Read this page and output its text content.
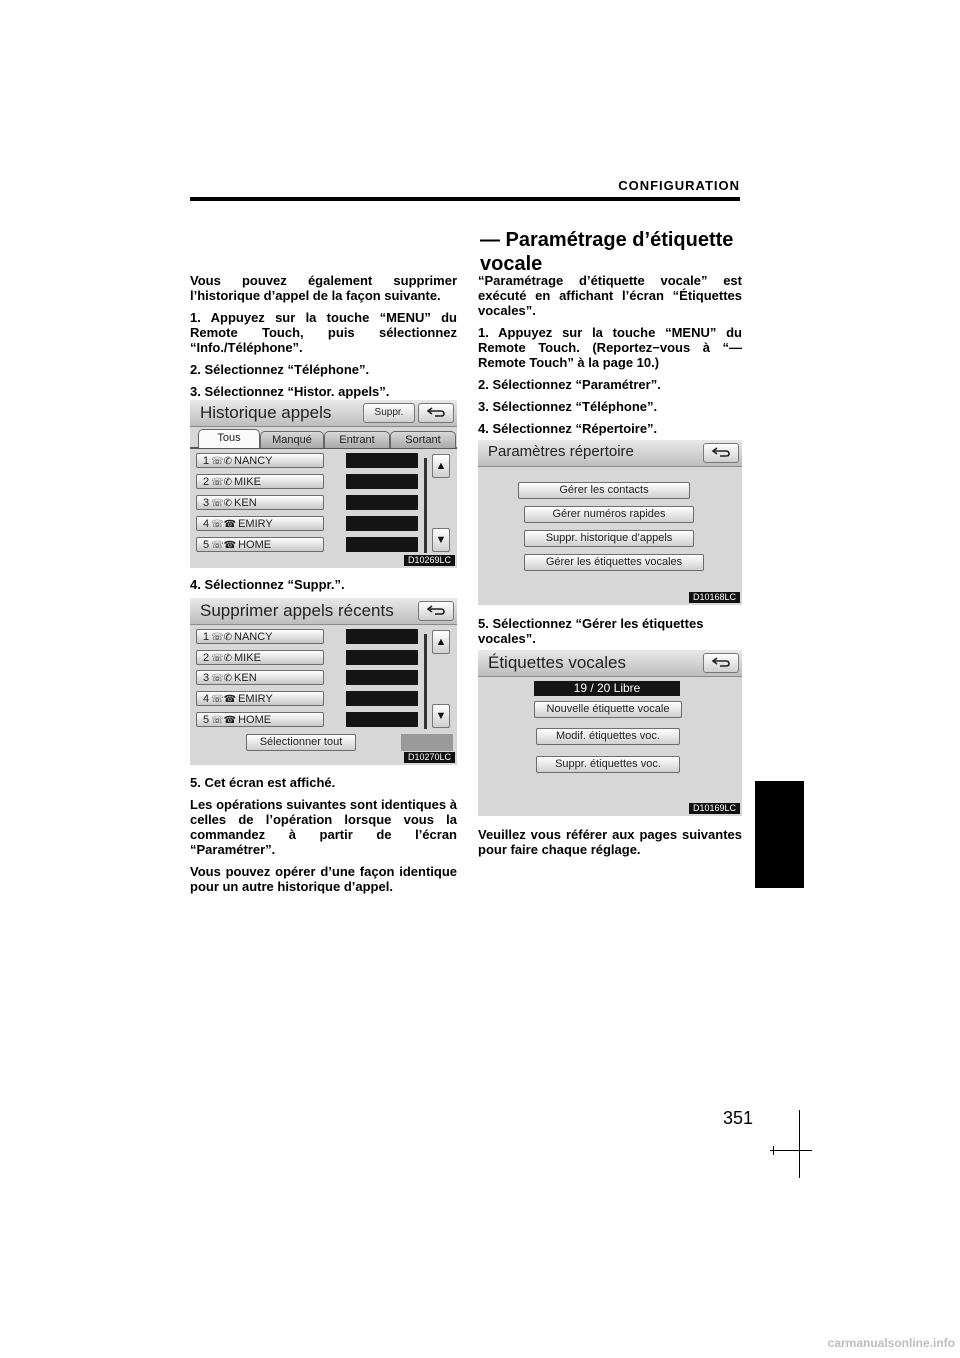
CONFIGURATION
— Paramétrage d’étiquette vocale

Vous pouvez également supprimer l’historique d’appel de la façon suivante.

1. Appuyez sur la touche “MENU” du Remote Touch, puis sélectionnez “Info./Téléphone”.

2. Sélectionnez “Téléphone”.

3. Sélectionnez “Histor. appels”.

Historique appels	Suppr.
Tous	Manqué	Entrant	Sortant
1 ☏✆ NANCY
2 ☏✆ MIKE
3 ☏✆ KEN
4 ☏☎ EMIRY
5 ☏☎ HOME
▲
▼
D10269LC
4. Sélectionnez “Suppr.”.
Supprimer appels récents
1 ☏✆ NANCY
2 ☏✆ MIKE
3 ☏✆ KEN
4 ☏☎ EMIRY
5 ☏☎ HOME
▲
▼
Sélectionner tout
D10270LC

5. Cet écran est affiché.

Les opérations suivantes sont identiques à celles de l’opération lorsque vous la commandez à partir de l’écran “Paramétrer”.

Vous pouvez opérer d’une façon identique pour un autre historique d’appel.

“Paramétrage d’étiquette vocale” est exécuté en affichant l’écran “Étiquettes vocales”.

1. Appuyez sur la touche “MENU” du Remote Touch. (Reportez−vous à “— Remote Touch” à la page 10.)

2. Sélectionnez “Paramétrer”.

3. Sélectionnez “Téléphone”.

4. Sélectionnez “Répertoire”.

Paramètres répertoire
Gérer les contacts
Gérer numéros rapides
Suppr. historique d’appels
Gérer les étiquettes vocales
D10168LC
5. Sélectionnez “Gérer les étiquettes vocales”.
Étiquettes vocales
19 / 20 Libre
Nouvelle étiquette vocale
Modif. étiquettes voc.
Suppr. étiquettes voc.
D10169LC
Veuillez vous référer aux pages suivantes pour faire chaque réglage.
351
carmanualsonline.info
